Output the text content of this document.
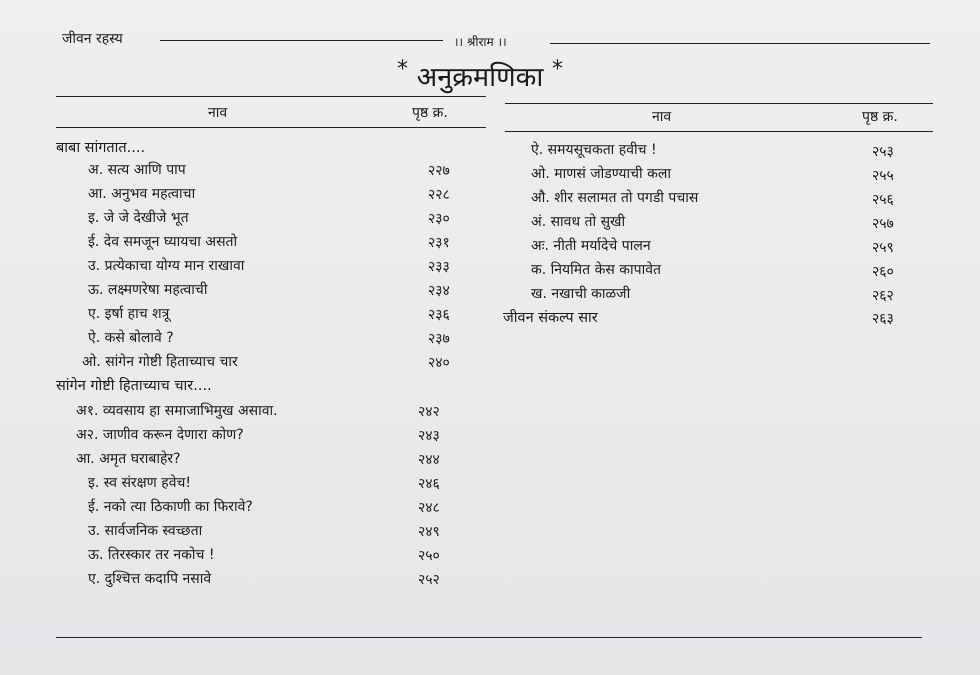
जीवन रहस्य	।। श्रीराम ।।
* अनुक्रमणिका *
नाव	पृष्ठ क्र.	नाव	पृष्ठ क्र.
बाबा सांगतात....
अ. सत्य आणि पाप	२२७
आ. अनुभव महत्वाचा	२२८
इ. जे जे देखीजे भूत	२३०
ई. देव समजून घ्यायचा असतो	२३१
उ. प्रत्येकाचा योग्य मान राखावा	२३३
ऊ. लक्ष्मणरेषा महत्वाची	२३४
ए. इर्षा हाच शत्रू	२३६
ऐ. कसे बोलावे ?	२३७
ओ. सांगेन गोष्टी हिताच्याच चार	२४०
सांगेन गोष्टी हिताच्याच चार....
अ१. व्यवसाय हा समाजाभिमुख असावा.	२४२
अ२. जाणीव करून देणारा कोण?	२४३
आ. अमृत घराबाहेर?	२४४
इ. स्व संरक्षण हवेच!	२४६
ई. नको त्या ठिकाणी का फिरावे?	२४८
उ. सार्वजनिक स्वच्छता	२४९
ऊ. तिरस्कार तर नकोच !	२५०
ए. दुश्चित्त कदापि नसावे	२५२
ऐ. समयसूचकता हवीच !	२५३
ओ. माणसं जोडण्याची कला	२५५
औ. शीर सलामत तो पगडी पचास	२५६
अं. सावध तो सुखी	२५७
अः. नीती मर्यादेचे पालन	२५९
क. नियमित केस कापावेत	२६०
ख. नखाची काळजी	२६२
जीवन संकल्प सार	२६३
